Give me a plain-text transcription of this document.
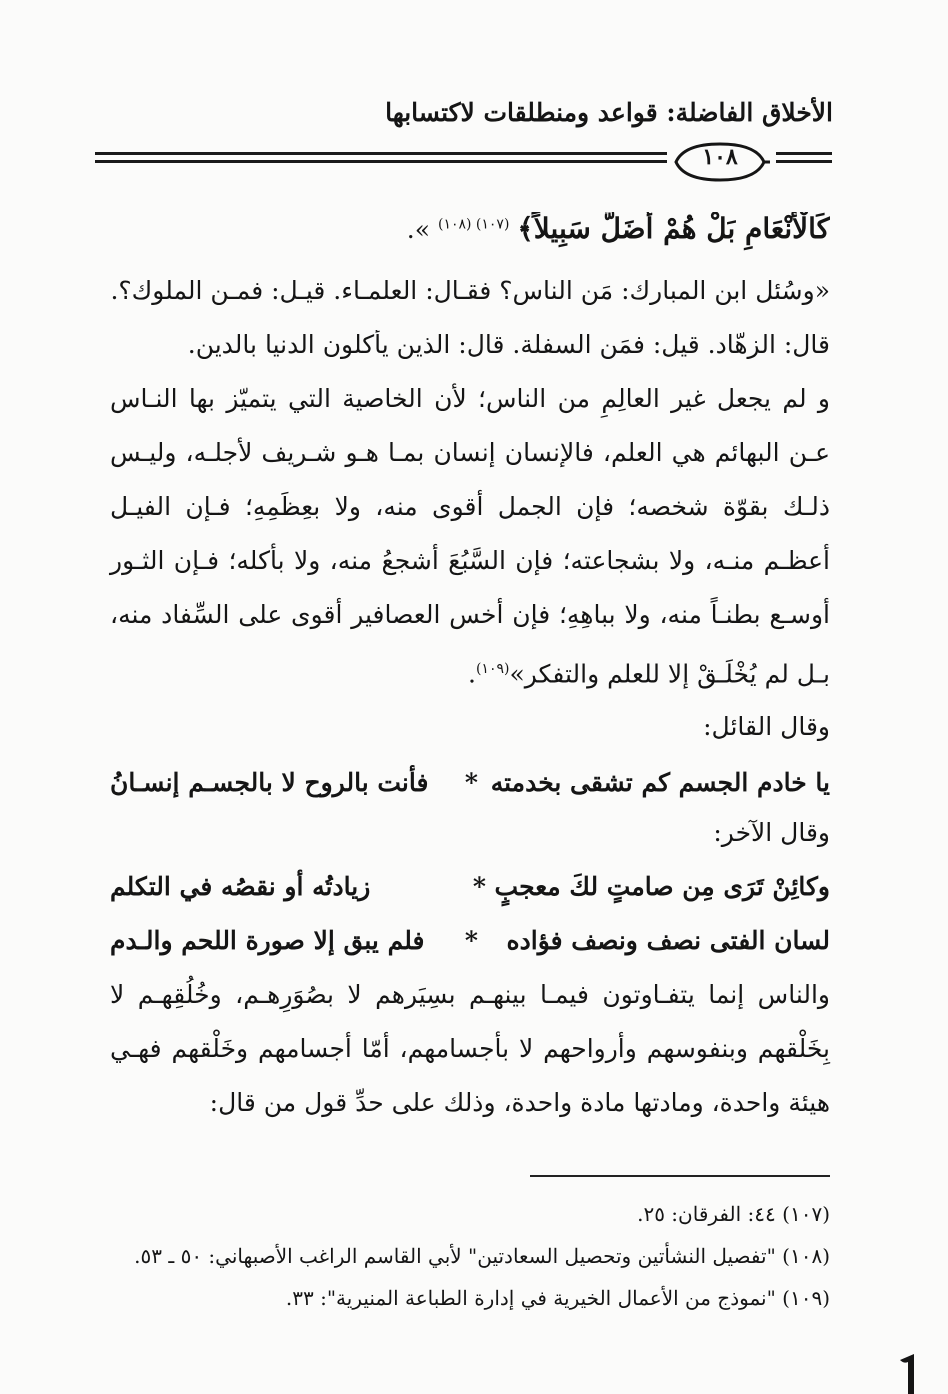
الأخلاق الفاضلة: قواعد ومنطلقات لاكتسابها
١٠٨
كَالْأَنْعَامِ بَلْ هُمْ أَضَلُّ سَبِيلاً﴾ $^{(١٠٧) (١٠٨)}$ ».
«وسُئل ابن المبارك: مَن الناس؟ فقـال: العلمـاء. قيـل: فمـن الملوك؟.
قال: الزهّاد. قيل: فمَن السفلة. قال: الذين يأكلون الدنيا بالدين.

و لم يجعل غير العالِمِ من الناس؛ لأن الخاصية التي يتميّز بها النـاس عـن البهائم هي العلم، فالإنسان إنسان بمـا هـو شـريف لأجلـه، وليـس ذلـك بقوّة شخصه؛ فإن الجمل أقوى منه، ولا بعِظَمِهِ؛ فـإن الفيـل أعظـم منـه، ولا بشجاعته؛ فإن السَّبُعَ أشجعُ منه، ولا بأكله؛ فـإن الثـور أوسـع بطنـاً منه، ولا بباهِهِ؛ فإن أخس العصافير أقوى على السِّفاد منه، بـل لم يُخْلَـقْ إلا للعلم والتفكر»$^{(١٠٩)}$.

وقال القائل:
يا خادم الجسم كم تشقى بخدمته
*
فأنت بالروح لا بالجسـم إنسـانُ
وقال الآخر:
وكائِنْ تَرَى مِن صامتٍ لكَ معجبٍ
*
زيادتُه أو نقصُه في التكلم
لسان الفتى نصف ونصف فؤاده
*
فلم يبق إلا صورة اللحم والـدم

والناس إنما يتفـاوتون فيمـا بينهـم بسِيَرهم لا بصُوَرِهـم، وخُلُقِهـم لا بِخَلْقهم وبنفوسهم وأرواحهم لا بأجسامهم، أمّا أجسامهم وخَلْقهم فهـي هيئة واحدة، ومادتها مادة واحدة، وذلك على حدِّ قول من قال:

(١٠٧) ٤٤: الفرقان: ٢٥.
(١٠٨) "تفصيل النشأتين وتحصيل السعادتين" لأبي القاسم الراغب الأصبهاني: ٥٠ ـ ٥٣.
(١٠٩) "نموذج من الأعمال الخيرية في إدارة الطباعة المنيرية": ٣٣.
